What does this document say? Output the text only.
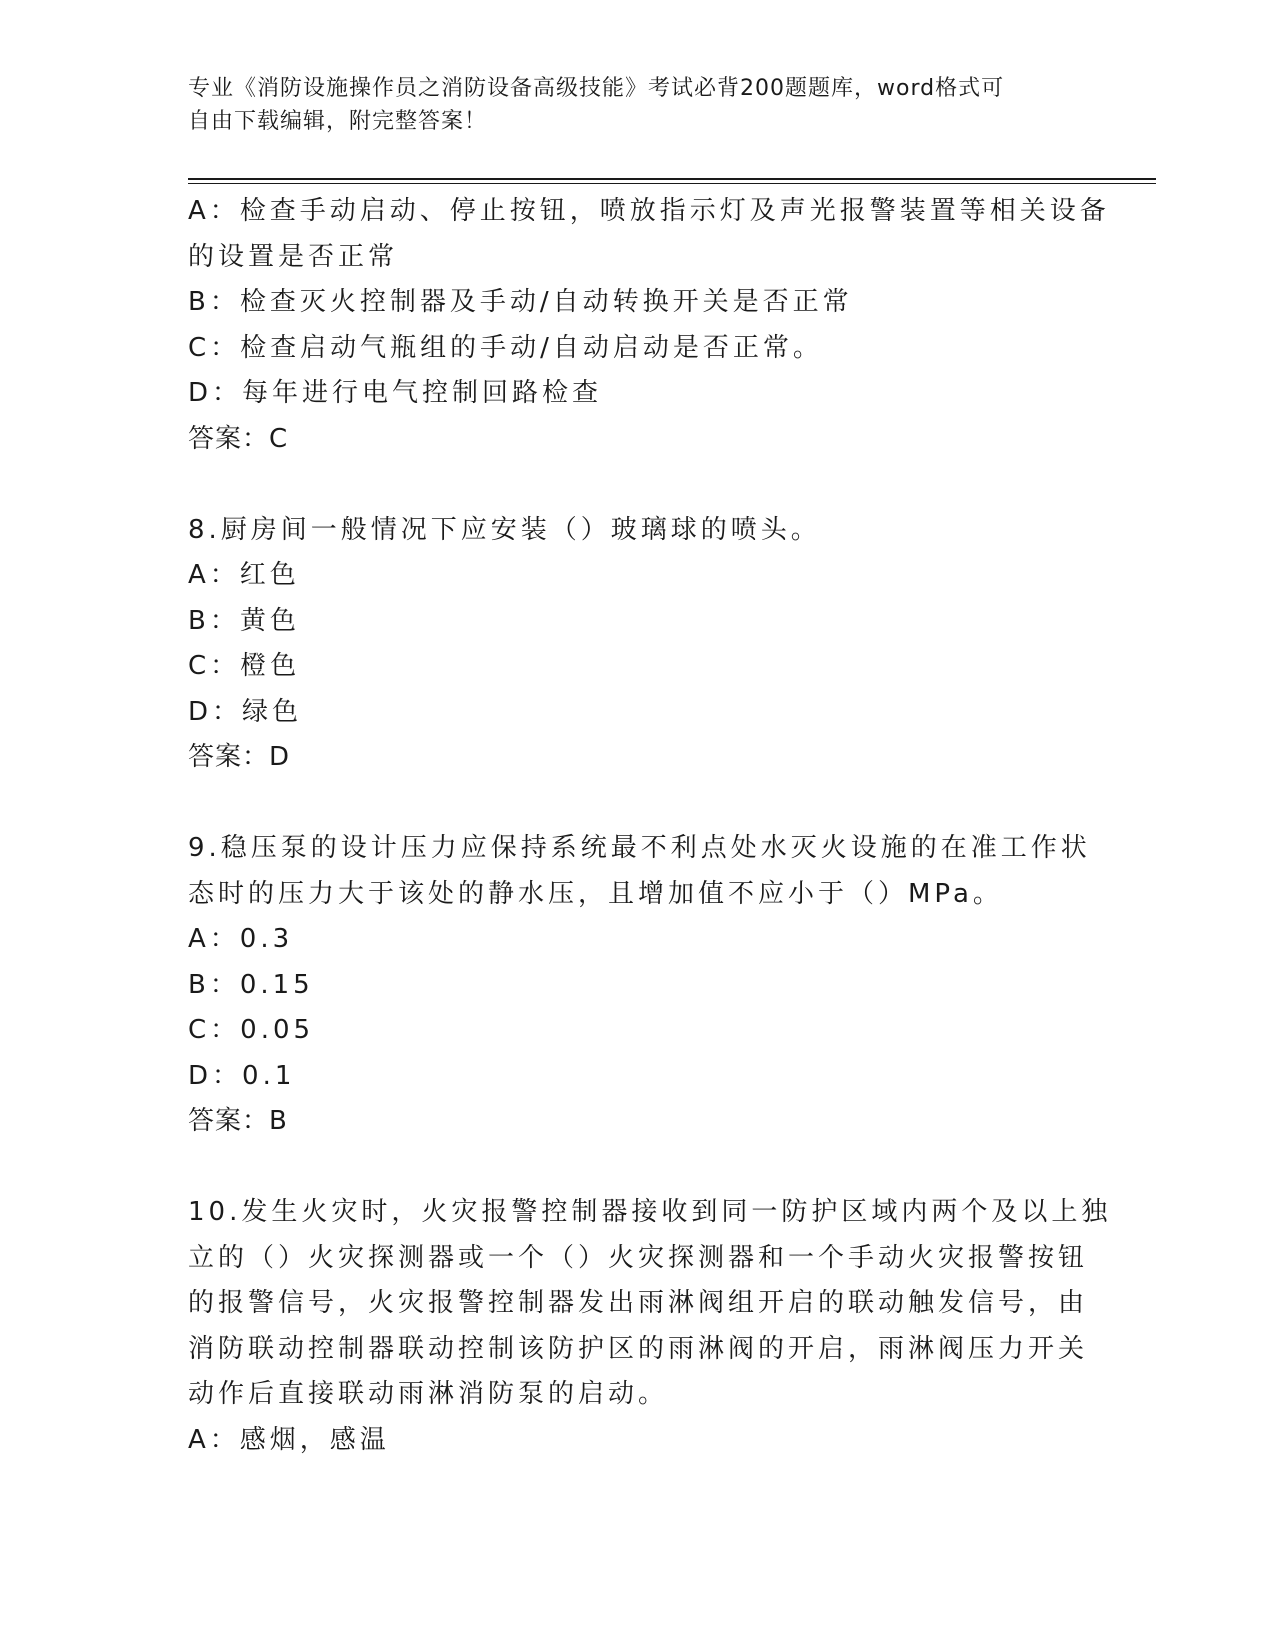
专业《消防设施操作员之消防设备高级技能》考试必背200题题库，word格式可
自由下载编辑，附完整答案！
A：检查手动启动、停止按钮，喷放指示灯及声光报警装置等相关设备
的设置是否正常
B：检查灭火控制器及手动/自动转换开关是否正常
C：检查启动气瓶组的手动/自动启动是否正常。
D：每年进行电气控制回路检查
答案：C
8.厨房间一般情况下应安装（）玻璃球的喷头。
A：红色
B：黄色
C：橙色
D：绿色
答案：D
9.稳压泵的设计压力应保持系统最不利点处水灭火设施的在准工作状
态时的压力大于该处的静水压，且增加值不应小于（）MPa。
A：0.3
B：0.15
C：0.05
D：0.1
答案：B
10.发生火灾时，火灾报警控制器接收到同一防护区域内两个及以上独
立的（）火灾探测器或一个（）火灾探测器和一个手动火灾报警按钮
的报警信号，火灾报警控制器发出雨淋阀组开启的联动触发信号，由
消防联动控制器联动控制该防护区的雨淋阀的开启，雨淋阀压力开关
动作后直接联动雨淋消防泵的启动。
A：感烟，感温
